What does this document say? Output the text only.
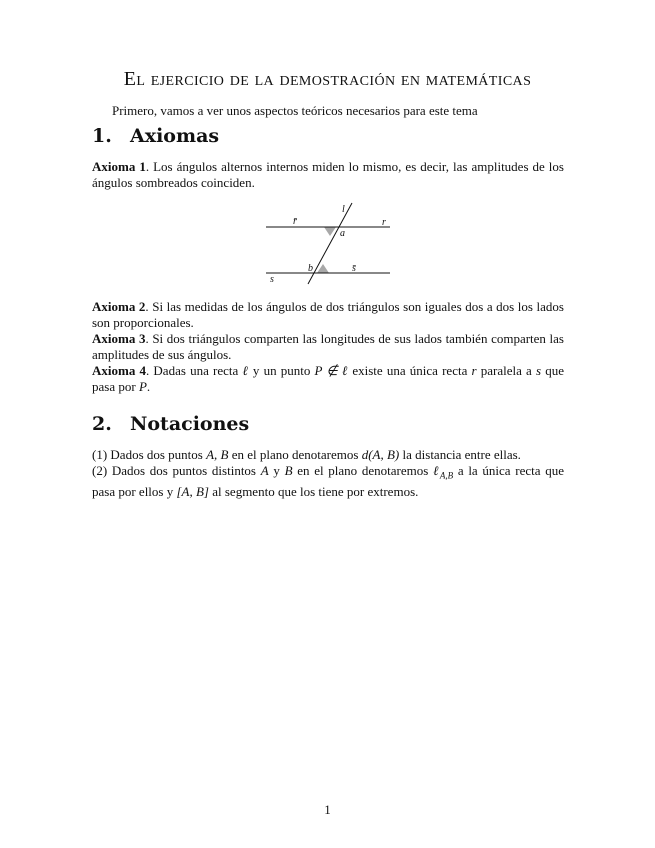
El ejercicio de la demostración en matemáticas
Primero, vamos a ver unos aspectos teóricos necesarios para este tema
1. Axiomas
Axioma 1. Los ángulos alternos internos miden lo mismo, es decir, las amplitudes de los ángulos sombreados coinciden.
l
r̄	r
a
b	s̄
s
Axioma 2. Si las medidas de los ángulos de dos triángulos son iguales dos a dos los lados son proporcionales.
Axioma 3. Si dos triángulos comparten las longitudes de sus lados también comparten las amplitudes de sus ángulos.
Axioma 4. Dadas una recta ℓ y un punto P ∉ ℓ existe una única recta r paralela a s que pasa por P.
2. Notaciones
(1) Dados dos puntos A, B en el plano denotaremos d(A, B) la distancia entre ellas.
(2) Dados dos puntos distintos A y B en el plano denotaremos ℓ$_{A,B}$ a la única recta que pasa por ellos y [A, B] al segmento que los tiene por extremos.
1
